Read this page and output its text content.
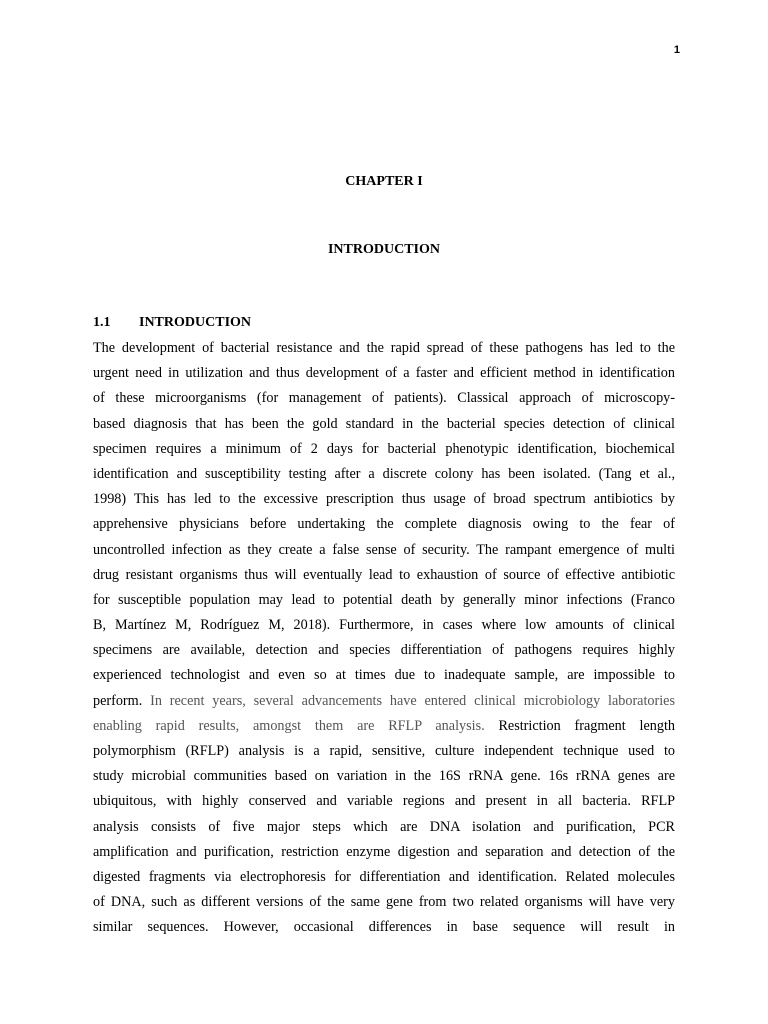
1
CHAPTER I
INTRODUCTION
1.1 INTRODUCTION
The development of bacterial resistance and the rapid spread of these pathogens has led to the
urgent need in utilization and thus development of a faster and efficient method in identification
of these microorganisms (for management of patients). Classical approach of microscopy-
based diagnosis that has been the gold standard in the bacterial species detection of clinical
specimen requires a minimum of 2 days for bacterial phenotypic identification, biochemical
identification and susceptibility testing after a discrete colony has been isolated. (Tang et al.,
1998) This has led to the excessive prescription thus usage of broad spectrum antibiotics by
apprehensive physicians before undertaking the complete diagnosis owing to the fear of
uncontrolled infection as they create a false sense of security. The rampant emergence of multi
drug resistant organisms thus will eventually lead to exhaustion of source of effective antibiotic
for susceptible population may lead to potential death by generally minor infections (Franco
B, Martínez M, Rodríguez M, 2018). Furthermore, in cases where low amounts of clinical
specimens are available, detection and species differentiation of pathogens requires highly
experienced technologist and even so at times due to inadequate sample, are impossible to
perform. In recent years, several advancements have entered clinical microbiology laboratories
enabling rapid results, amongst them are RFLP analysis. Restriction fragment length
polymorphism (RFLP) analysis is a rapid, sensitive, culture independent technique used to
study microbial communities based on variation in the 16S rRNA gene. 16s rRNA genes are
ubiquitous, with highly conserved and variable regions and present in all bacteria. RFLP
analysis consists of five major steps which are DNA isolation and purification, PCR
amplification and purification, restriction enzyme digestion and separation and detection of the
digested fragments via electrophoresis for differentiation and identification. Related molecules
of DNA, such as different versions of the same gene from two related organisms will have very
similar sequences. However, occasional differences in base sequence will result in
